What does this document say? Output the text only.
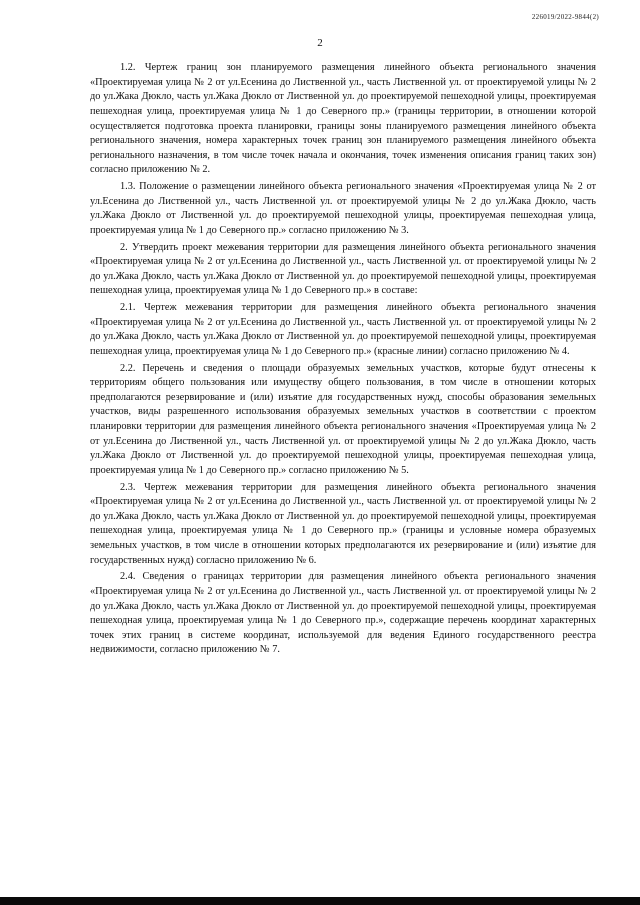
226019/2022-9844(2)
2

1.2. Чертеж границ зон планируемого размещения линейного объекта регионального значения «Проектируемая улица № 2 от ул.Есенина до Лиственной ул., часть Лиственной ул. от проектируемой улицы № 2 до ул.Жака Дюкло, часть ул.Жака Дюкло от Лиственной ул. до проектируемой пешеходной улицы, проектируемая пешеходная улица, проектируемая улица № 1 до Северного пр.» (границы территории, в отношении которой осуществляется подготовка проекта планировки, границы зоны планируемого размещения линейного объекта регионального значения, номера характерных точек границ зон планируемого размещения линейного объекта регионального назначения, в том числе точек начала и окончания, точек изменения описания границ таких зон) согласно приложению № 2.

1.3. Положение о размещении линейного объекта регионального значения «Проектируемая улица № 2 от ул.Есенина до Лиственной ул., часть Лиственной ул. от проектируемой улицы № 2 до ул.Жака Дюкло, часть ул.Жака Дюкло от Лиственной ул. до проектируемой пешеходной улицы, проектируемая пешеходная улица, проектируемая улица № 1 до Северного пр.» согласно приложению № 3.

2. Утвердить проект межевания территории для размещения линейного объекта регионального значения «Проектируемая улица № 2 от ул.Есенина до Лиственной ул., часть Лиственной ул. от проектируемой улицы № 2 до ул.Жака Дюкло, часть ул.Жака Дюкло от Лиственной ул. до проектируемой пешеходной улицы, проектируемая пешеходная улица, проектируемая улица № 1 до Северного пр.» в составе:

2.1. Чертеж межевания территории для размещения линейного объекта регионального значения «Проектируемая улица № 2 от ул.Есенина до Лиственной ул., часть Лиственной ул. от проектируемой улицы № 2 до ул.Жака Дюкло, часть ул.Жака Дюкло от Лиственной ул. до проектируемой пешеходной улицы, проектируемая пешеходная улица, проектируемая улица № 1 до Северного пр.» (красные линии) согласно приложению № 4.

2.2. Перечень и сведения о площади образуемых земельных участков, которые будут отнесены к территориям общего пользования или имуществу общего пользования, в том числе в отношении которых предполагаются резервирование и (или) изъятие для государственных нужд, способы образования земельных участков, виды разрешенного использования образуемых земельных участков в соответствии с проектом планировки территории для размещения линейного объекта регионального значения «Проектируемая улица № 2 от ул.Есенина до Лиственной ул., часть Лиственной ул. от проектируемой улицы № 2 до ул.Жака Дюкло, часть ул.Жака Дюкло от Лиственной ул. до проектируемой пешеходной улицы, проектируемая пешеходная улица, проектируемая улица № 1 до Северного пр.» согласно приложению № 5.

2.3. Чертеж межевания территории для размещения линейного объекта регионального значения «Проектируемая улица № 2 от ул.Есенина до Лиственной ул., часть Лиственной ул. от проектируемой улицы № 2 до ул.Жака Дюкло, часть ул.Жака Дюкло от Лиственной ул. до проектируемой пешеходной улицы, проектируемая пешеходная улица, проектируемая улица № 1 до Северного пр.» (границы и условные номера образуемых земельных участков, в том числе в отношении которых предполагаются их резервирование и (или) изъятие для государственных нужд) согласно приложению № 6.

2.4. Сведения о границах территории для размещения линейного объекта регионального значения «Проектируемая улица № 2 от ул.Есенина до Лиственной ул., часть Лиственной ул. от проектируемой улицы № 2 до ул.Жака Дюкло, часть ул.Жака Дюкло от Лиственной ул. до проектируемой пешеходной улицы, проектируемая пешеходная улица, проектируемая улица № 1 до Северного пр.», содержащие перечень координат характерных точек этих границ в системе координат, используемой для ведения Единого государственного реестра недвижимости, согласно приложению № 7.
